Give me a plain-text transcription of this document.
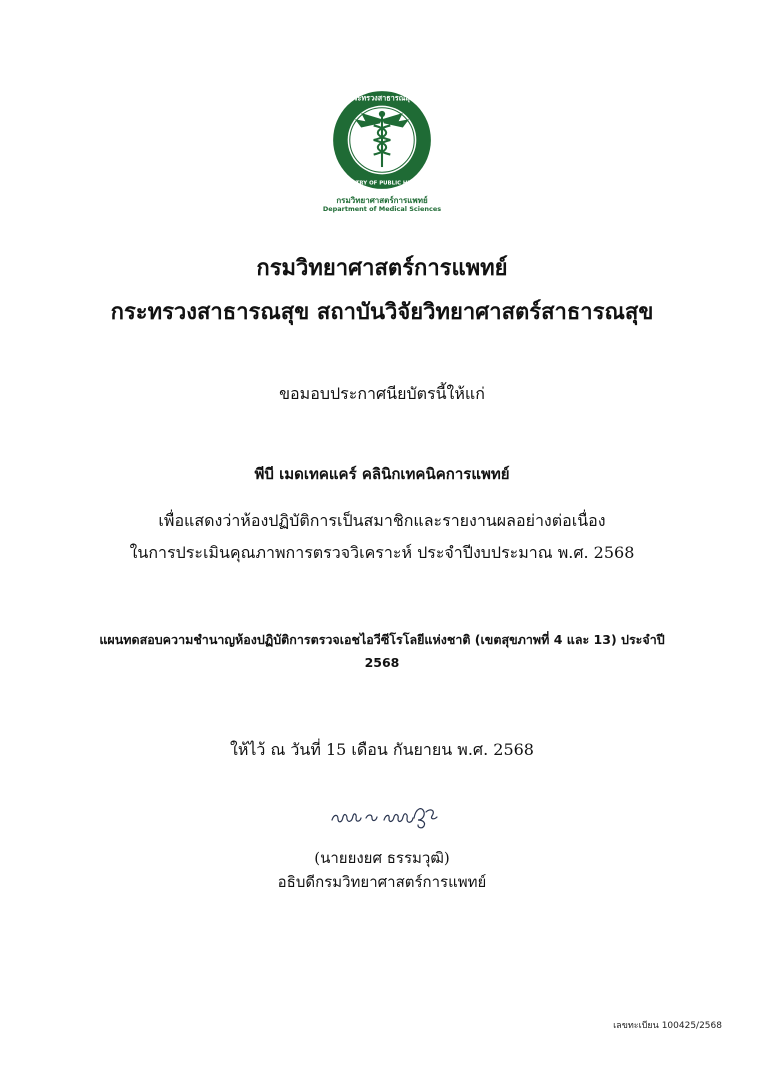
กระทรวงสาธารณสุข
MINISTRY OF PUBLIC HEALTH
กรมวิทยาศาสตร์การแพทย์
Department of Medical Sciences
กรมวิทยาศาสตร์การแพทย์
กระทรวงสาธารณสุข สถาบันวิจัยวิทยาศาสตร์สาธารณสุข
ขอมอบประกาศนียบัตรนี้ให้แก่
พีบี เมดเทคแคร์ คลินิกเทคนิคการแพทย์
เพื่อแสดงว่าห้องปฏิบัติการเป็นสมาชิกและรายงานผลอย่างต่อเนื่อง
ในการประเมินคุณภาพการตรวจวิเคราะห์ ประจำปีงบประมาณ พ.ศ. 2568
แผนทดสอบความชำนาญห้องปฏิบัติการตรวจเอชไอวีซีโรโลยีแห่งชาติ (เขตสุขภาพที่ 4 และ 13) ประจำปี
2568
ให้ไว้ ณ วันที่ 15 เดือน กันยายน พ.ศ. 2568
(นายยงยศ ธรรมวุฒิ)
อธิบดีกรมวิทยาศาสตร์การแพทย์
เลขทะเบียน 100425/2568
